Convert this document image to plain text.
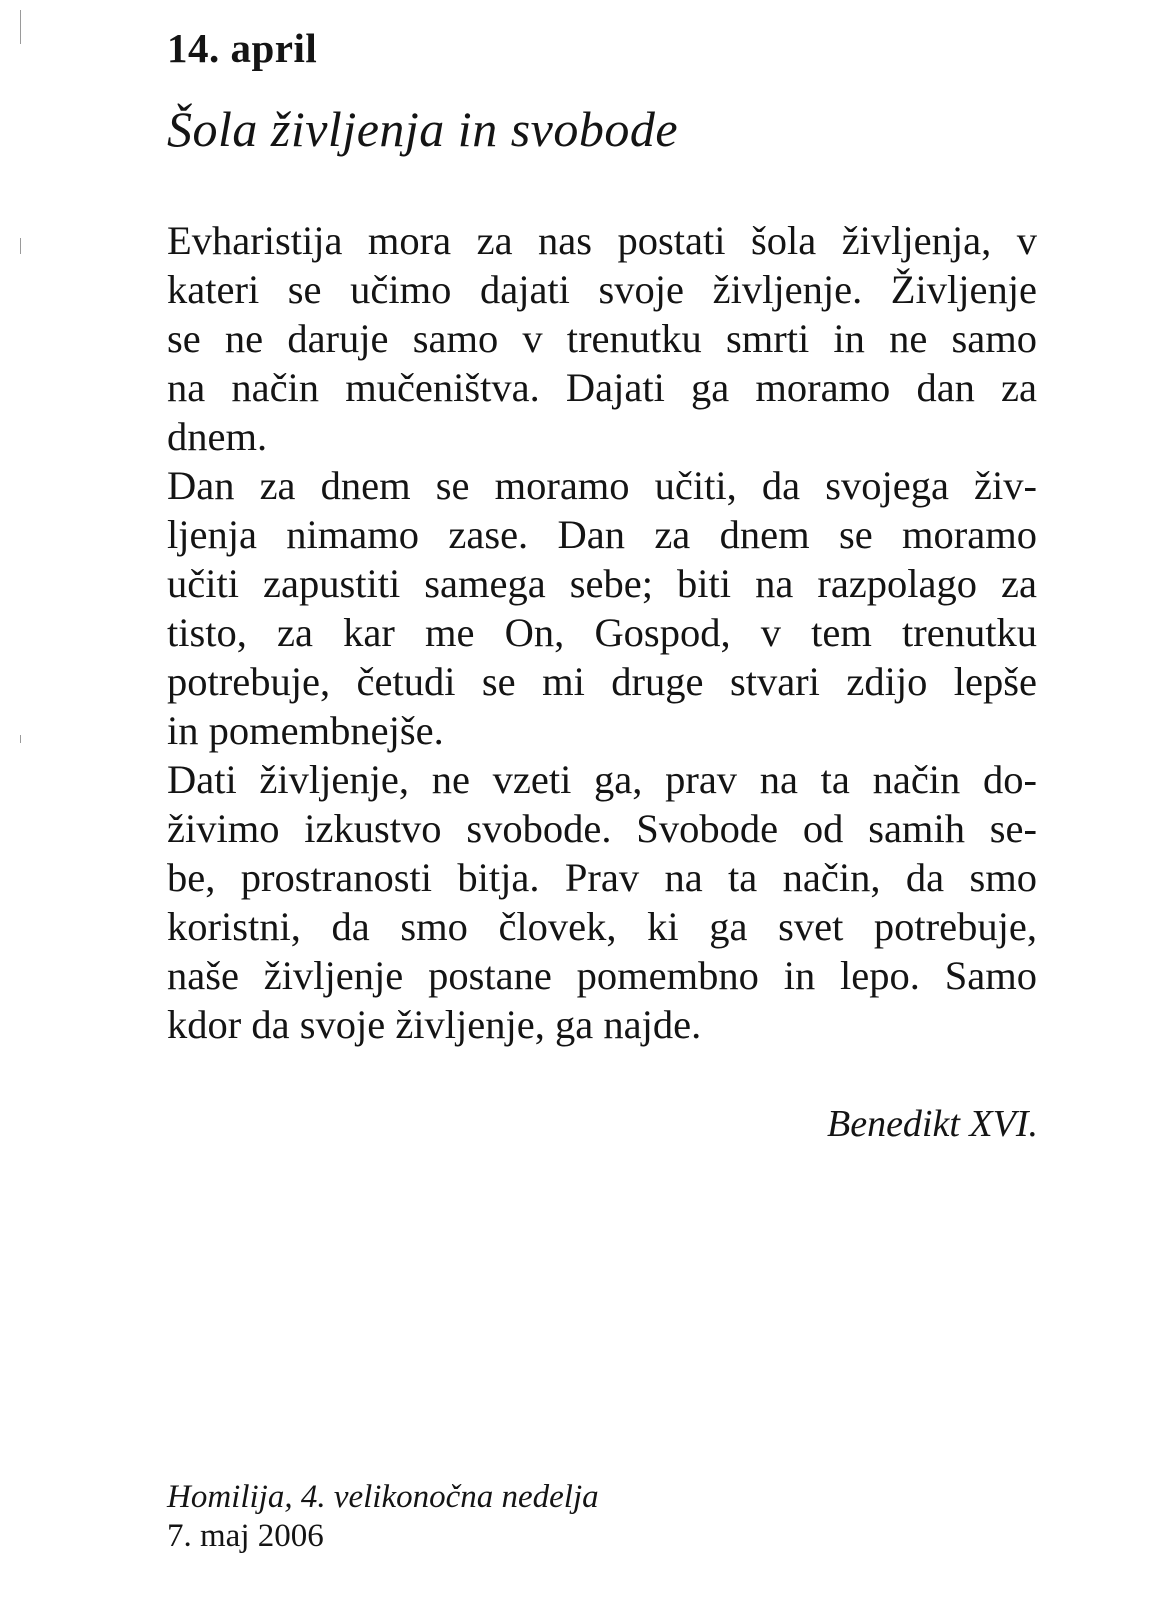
14. april
Šola življenja in svobode
Evharistija mora za nas postati šola življenja, v
kateri se učimo dajati svoje življenje. Življenje
se ne daruje samo v trenutku smrti in ne samo
na način mučeništva. Dajati ga moramo dan za
dnem.
Dan za dnem se moramo učiti, da svojega živ-
ljenja nimamo zase. Dan za dnem se moramo
učiti zapustiti samega sebe; biti na razpolago za
tisto, za kar me On, Gospod, v tem trenutku
potrebuje, četudi se mi druge stvari zdijo lepše
in pomembnejše.
Dati življenje, ne vzeti ga, prav na ta način do-
živimo izkustvo svobode. Svobode od samih se-
be, prostranosti bitja. Prav na ta način, da smo
koristni, da smo človek, ki ga svet potrebuje,
naše življenje postane pomembno in lepo. Samo
kdor da svoje življenje, ga najde.
Benedikt XVI.
Homilija, 4. velikonočna nedelja
7. maj 2006
